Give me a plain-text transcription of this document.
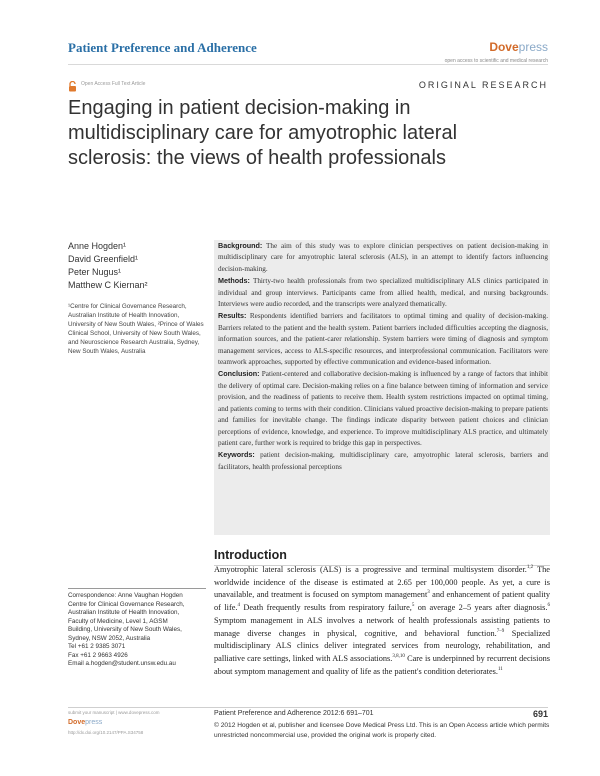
Patient Preference and Adherence	Dovepress
open access to scientific and medical research
Open Access Full Text Article	ORIGINAL RESEARCH
Engaging in patient decision-making in multidisciplinary care for amyotrophic lateral sclerosis: the views of health professionals
Anne Hogden¹
David Greenfield¹
Peter Nugus¹
Matthew C Kiernan²
¹Centre for Clinical Governance Research, Australian Institute of Health Innovation, University of New South Wales, ²Prince of Wales Clinical School, University of New South Wales, and Neuroscience Research Australia, Sydney, New South Wales, Australia

Background: The aim of this study was to explore clinician perspectives on patient decision-making in multidisciplinary care for amyotrophic lateral sclerosis (ALS), in an attempt to identify factors influencing decision-making.

Methods: Thirty-two health professionals from two specialized multidisciplinary ALS clinics participated in individual and group interviews. Participants came from allied health, medical, and nursing backgrounds. Interviews were audio recorded, and the transcripts were analyzed thematically.

Results: Respondents identified barriers and facilitators to optimal timing and quality of decision-making. Barriers related to the patient and the health system. Patient barriers included difficulties accepting the diagnosis, information sources, and the patient-carer relationship. System barriers were timing of diagnosis and symptom management services, access to ALS-specific resources, and interprofessional communication. Facilitators were teamwork approaches, supported by effective communication and evidence-based information.

Conclusion: Patient-centered and collaborative decision-making is influenced by a range of factors that inhibit the delivery of optimal care. Decision-making relies on a fine balance between timing of information and service provision, and the readiness of patients to receive them. Health system restrictions impacted on optimal timing, and patients coming to terms with their condition. Clinicians valued proactive decision-making to prepare patients and families for inevitable change. The findings indicate disparity between patient choices and clinician perceptions of evidence, knowledge, and experience. To improve multidisciplinary ALS practice, and ultimately patient care, further work is required to bridge this gap in perspectives.

Keywords: patient decision-making, multidisciplinary care, amyotrophic lateral sclerosis, barriers and facilitators, health professional perceptions

Introduction
Amyotrophic lateral sclerosis (ALS) is a progressive and terminal multisystem disorder.$^{1,2}$ The worldwide incidence of the disease is estimated at 2.65 per 100,000 people. As yet, a cure is unavailable, and treatment is focused on symptom management$^3$ and enhancement of patient quality of life.$^4$ Death frequently results from respiratory failure,$^5$ on average 2–5 years after diagnosis.$^6$ Symptom management in ALS involves a network of health professionals assisting patients to manage diverse changes in physical, cognitive, and behavioral function.$^{7-9}$ Specialized multidisciplinary ALS clinics deliver integrated services from neurology, rehabilitation, and palliative care settings, linked with ALS associations.$^{3,8,10}$ Care is underpinned by recurrent decisions about symptom management and quality of life as the patient's condition deteriorates.$^{11}$
Correspondence: Anne Vaughan Hogden
Centre for Clinical Governance Research,
Australian Institute of Health Innovation,
Faculty of Medicine, Level 1, AGSM
Building, University of New South Wales,
Sydney, NSW 2052, Australia
Tel +61 2 9385 3071
Fax +61 2 9663 4926
Email a.hogden@student.unsw.edu.au
submit your manuscript | www.dovepress.com
Dovepress
http://dx.doi.org/10.2147/PPA.S34758
Patient Preference and Adherence 2012:6 691–701	691
© 2012 Hogden et al, publisher and licensee Dove Medical Press Ltd. This is an Open Access article which permits unrestricted noncommercial use, provided the original work is properly cited.
